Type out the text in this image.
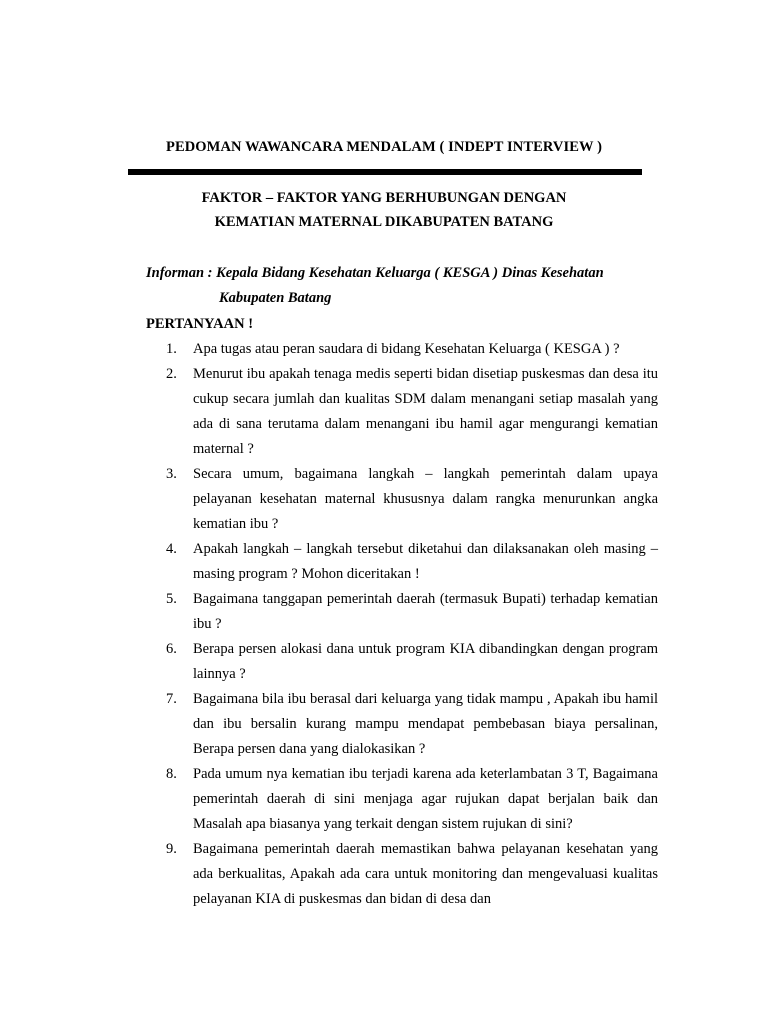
PEDOMAN WAWANCARA MENDALAM ( INDEPT INTERVIEW )
FAKTOR – FAKTOR YANG BERHUBUNGAN DENGAN
KEMATIAN MATERNAL DIKABUPATEN BATANG
Informan : Kepala Bidang Kesehatan Keluarga ( KESGA ) Dinas Kesehatan
Kabupaten Batang
PERTANYAAN !
1. Apa tugas atau peran saudara di bidang Kesehatan Keluarga ( KESGA ) ?
2. Menurut ibu apakah tenaga medis seperti bidan disetiap puskesmas dan desa itu cukup secara jumlah dan kualitas SDM dalam menangani setiap masalah yang ada di sana terutama dalam menangani ibu hamil agar mengurangi kematian maternal ?
3. Secara umum, bagaimana langkah – langkah pemerintah dalam upaya pelayanan kesehatan maternal khususnya dalam rangka menurunkan angka kematian ibu ?
4. Apakah langkah – langkah tersebut diketahui dan dilaksanakan oleh masing – masing program ? Mohon diceritakan !
5. Bagaimana tanggapan pemerintah daerah (termasuk Bupati) terhadap kematian ibu ?
6. Berapa persen alokasi dana untuk program KIA dibandingkan dengan program lainnya ?
7. Bagaimana bila ibu berasal dari keluarga yang tidak mampu , Apakah ibu hamil dan ibu bersalin kurang mampu mendapat pembebasan biaya persalinan, Berapa persen dana yang dialokasikan ?
8. Pada umum nya kematian ibu terjadi karena ada keterlambatan 3 T, Bagaimana pemerintah daerah di sini menjaga agar rujukan dapat berjalan baik dan Masalah apa biasanya yang terkait dengan sistem rujukan di sini?
9. Bagaimana pemerintah daerah memastikan bahwa pelayanan kesehatan yang ada berkualitas, Apakah ada cara untuk monitoring dan mengevaluasi kualitas pelayanan KIA di puskesmas dan bidan di desa dan
